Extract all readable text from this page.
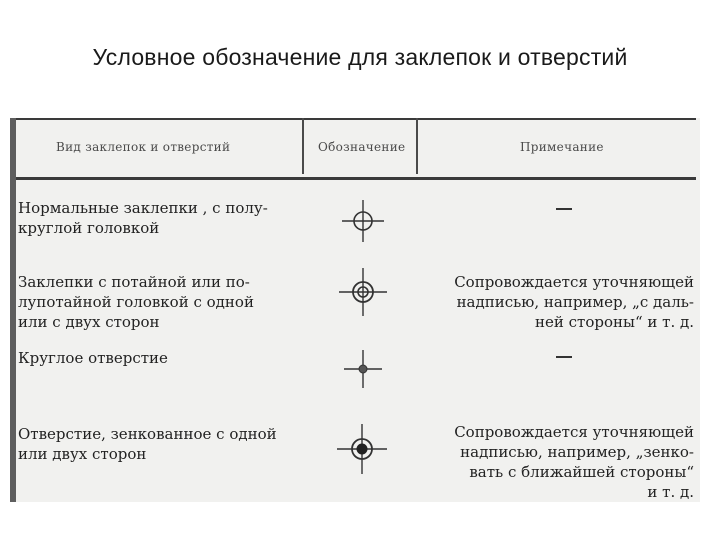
Условное обозначение для заклепок и отверстий
Вид заклепок и отверстий	Обозначение	Примечание
Нормальные заклепки , с полу-
круглой головкой
Заклепки с потайной или по-
лупотайной головкой с одной
или с двух сторон
Сопровождается уточняющей
надписью, например, „с даль-
ней стороны“ и т. д.
Круглое отверстие
Отверстие, зенкованное с одной
или двух сторон
Сопровождается уточняющей
надписью, например, „зенко-
вать с ближайшей стороны“
и т. д.
